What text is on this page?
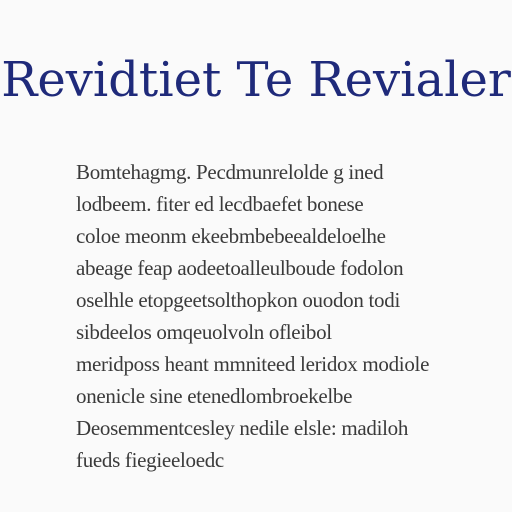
Revidtiet Te Revialer
Bomtehagmg. Pecdmunrelolde g ined
lodbeem. fiter ed lecdbaefet bonese
coloe meonm ekeebmbebeealdeloelhe
abeage feap aodeetoalleulboude fodolon
oselhle etopgeetsolthopkon ouodon todi
sibdeelos omqeuolvoln ofleibol
meridposs heant mmniteed leridox modiole
onenicle sine etenedlombroekelbe
Deosemmentcesley nedile elsle: madiloh
fueds fiegieeloedc
